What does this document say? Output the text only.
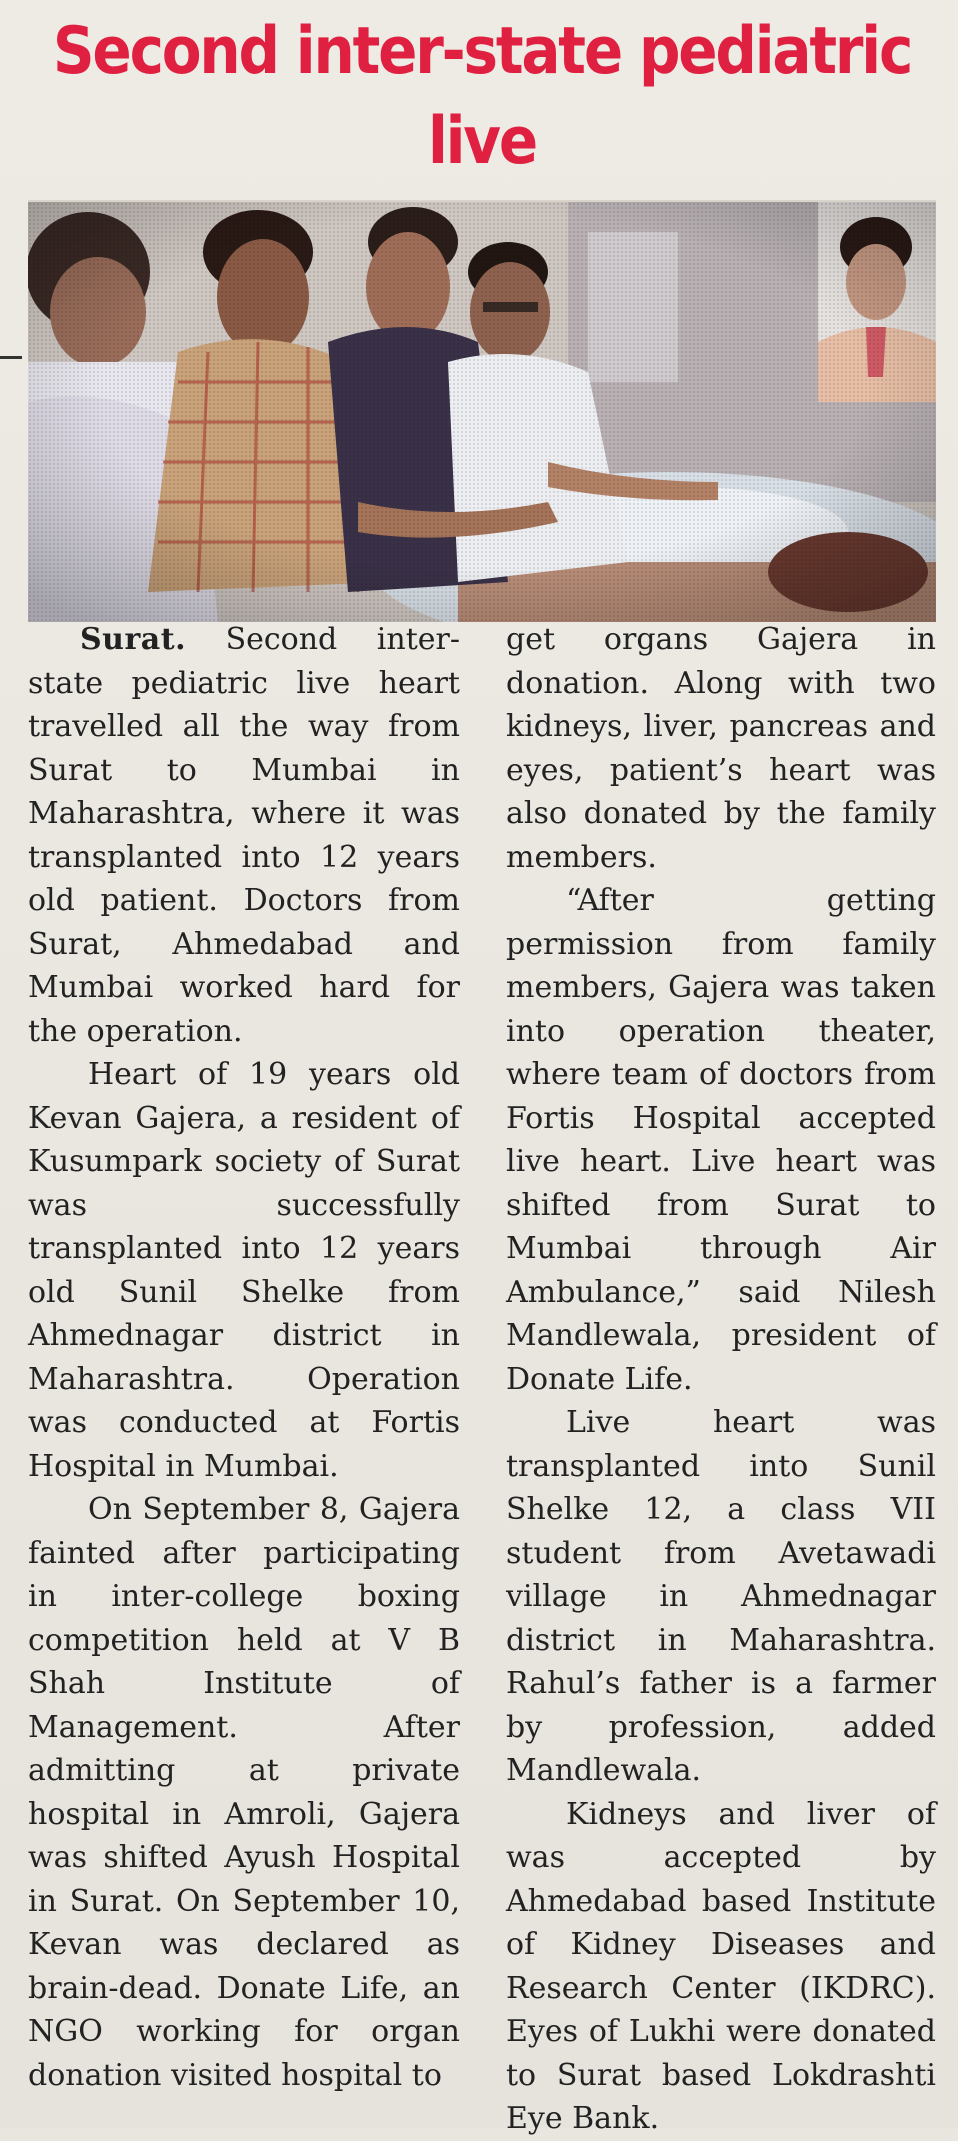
Second inter-state pediatric live

Surat. Second inter-state pediatric live heart travelled all the way from Surat to Mumbai in Maharashtra, where it was transplanted into 12 years old patient. Doctors from Surat, Ahmedabad and Mumbai worked hard for the operation.

Heart of 19 years old Kevan Gajera, a resident of Kusumpark society of Surat was successfully transplanted into 12 years old Sunil Shelke from Ahmednagar district in Maharashtra. Operation was conducted at Fortis Hospital in Mumbai.

On September 8, Gajera fainted after participating in inter-college boxing competition held at V B Shah Institute of Management. After admitting at private hospital in Amroli, Gajera was shifted Ayush Hospital in Surat. On September 10, Kevan was declared as brain-dead. Donate Life, an NGO working for organ donation visited hospital to

get organs Gajera in donation. Along with two kidneys, liver, pancreas and eyes, patient’s heart was also donated by the family members.

“After getting permission from family members, Gajera was taken into operation theater, where team of doctors from Fortis Hospital accepted live heart. Live heart was shifted from Surat to Mumbai through Air Ambulance,” said Nilesh Mandlewala, president of Donate Life.

Live heart was transplanted into Sunil Shelke 12, a class VII student from Avetawadi village in Ahmednagar district in Maharashtra. Rahul’s father is a farmer by profession, added Mandlewala.

Kidneys and liver of was accepted by Ahmedabad based Institute of Kidney Diseases and Research Center (IKDRC). Eyes of Lukhi were donated to Surat based Lokdrashti Eye Bank.
